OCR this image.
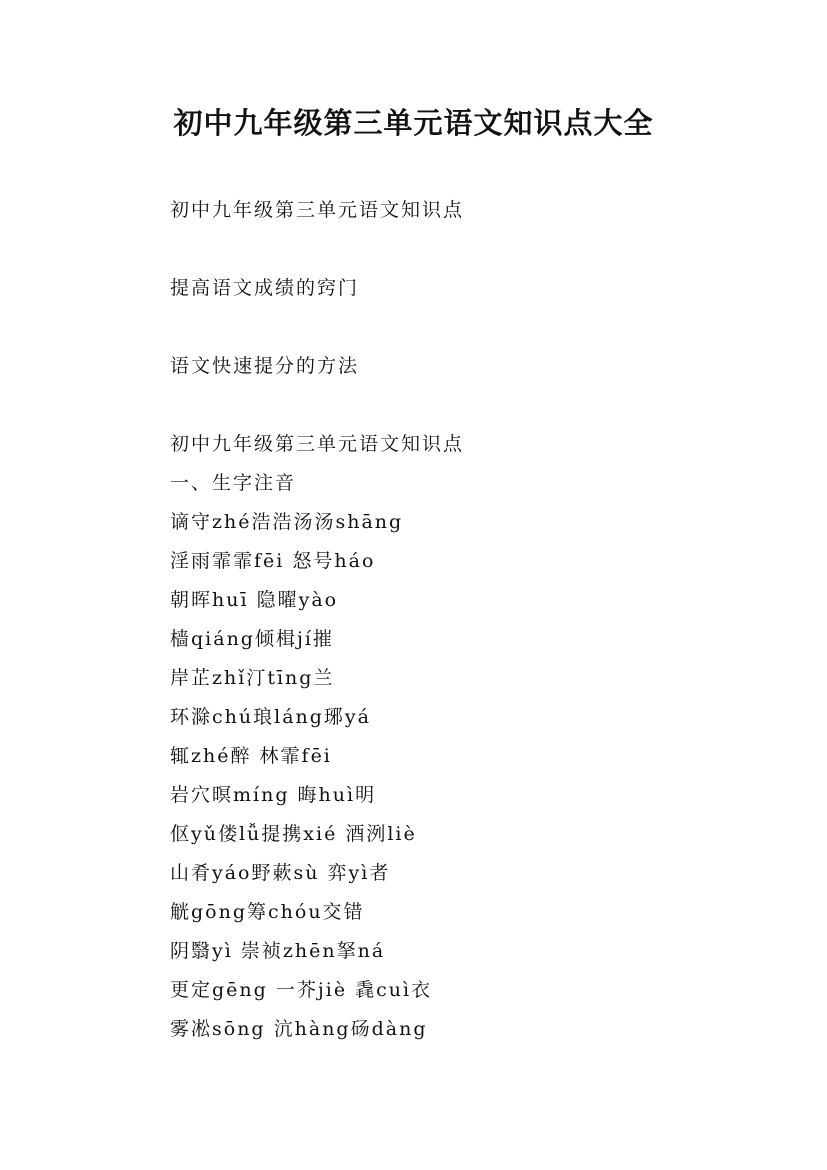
初中九年级第三单元语文知识点大全
初中九年级第三单元语文知识点
提高语文成绩的窍门
语文快速提分的方法
初中九年级第三单元语文知识点
一、生字注音
谪守zhé浩浩汤汤shāng
淫雨霏霏fēi 怒号háo
朝晖huī 隐曜yào
樯qiáng倾楫jí摧
岸芷zhǐ汀tīng兰
环滁chú琅láng琊yá
辄zhé醉 林霏fēi
岩穴暝míng 晦huì明
伛yǔ偻lǚ提携xié 酒洌liè
山肴yáo野蔌sù 弈yì者
觥gōng筹chóu交错
阴翳yì 崇祯zhēn拏ná
更定gēng 一芥jiè 毳cuì衣
雾凇sōng 沆hàng砀dàng
